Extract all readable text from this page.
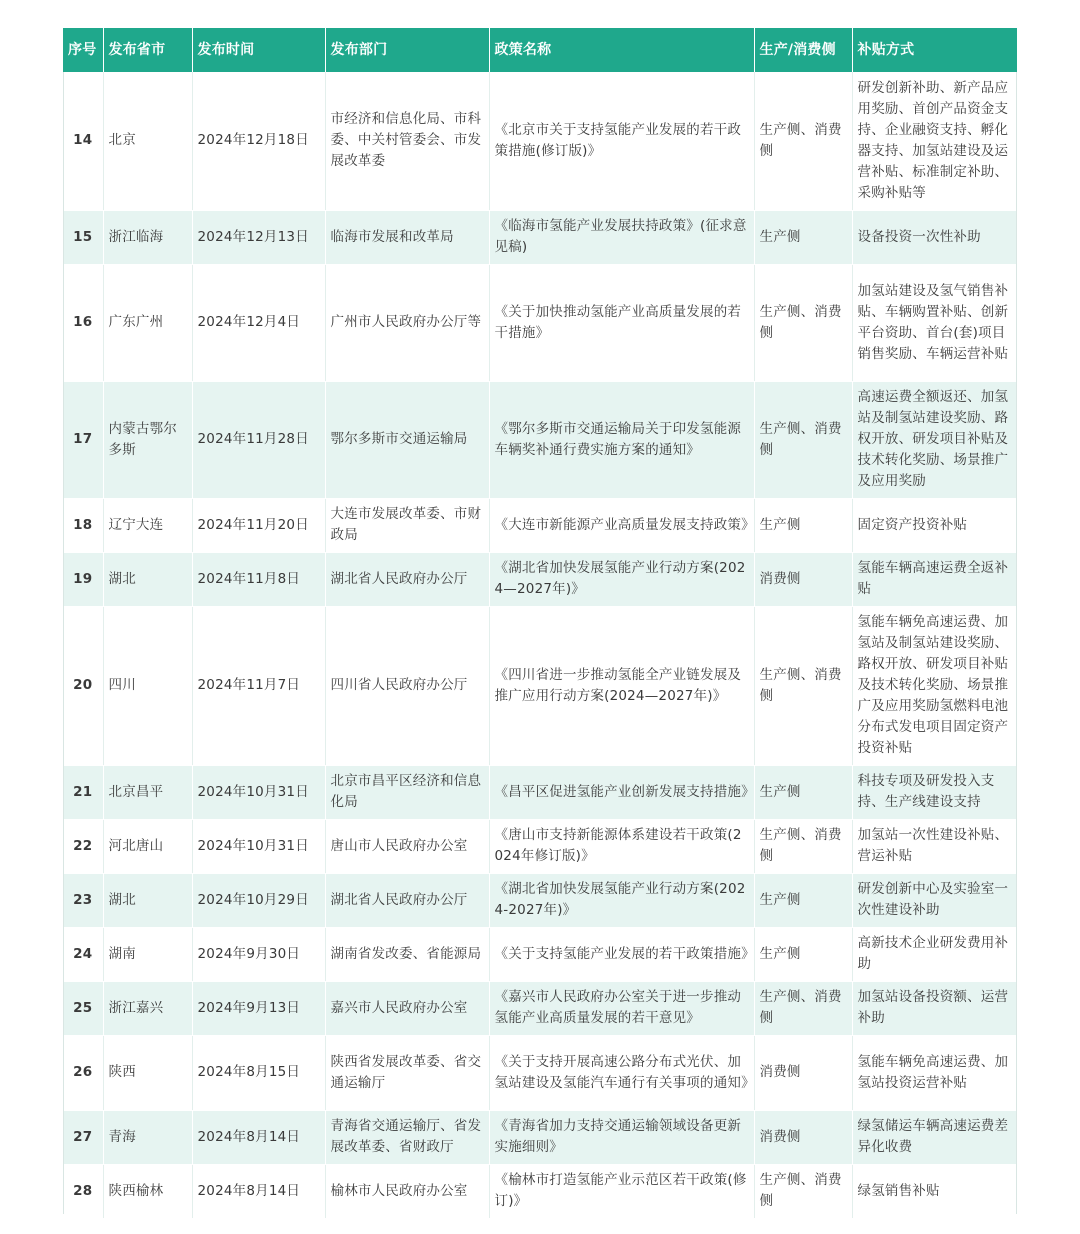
序号	发布省市	发布时间	发布部门	政策名称	生产/消费侧	补贴方式
14	北京	2024年12月18日	市经济和信息化局、市科委、中关村管委会、市发展改革委	《北京市关于支持氢能产业发展的若干政策措施(修订版)》	生产侧、消费侧	研发创新补助、新产品应用奖励、首创产品资金支持、企业融资支持、孵化器支持、加氢站建设及运营补贴、标准制定补助、采购补贴等
15	浙江临海	2024年12月13日	临海市发展和改革局	《临海市氢能产业发展扶持政策》(征求意见稿)	生产侧	设备投资一次性补助
16	广东广州	2024年12月4日	广州市人民政府办公厅等	《关于加快推动氢能产业高质量发展的若干措施》	生产侧、消费侧	加氢站建设及氢气销售补贴、车辆购置补贴、创新平台资助、首台(套)项目销售奖励、车辆运营补贴
17	内蒙古鄂尔多斯	2024年11月28日	鄂尔多斯市交通运输局	《鄂尔多斯市交通运输局关于印发氢能源车辆奖补通行费实施方案的通知》	生产侧、消费侧	高速运费全额返还、加氢站及制氢站建设奖励、路权开放、研发项目补贴及技术转化奖励、场景推广及应用奖励
18	辽宁大连	2024年11月20日	大连市发展改革委、市财政局	《大连市新能源产业高质量发展支持政策》	生产侧	固定资产投资补贴
19	湖北	2024年11月8日	湖北省人民政府办公厅	《湖北省加快发展氢能产业行动方案(2024—2027年)》	消费侧	氢能车辆高速运费全返补贴
20	四川	2024年11月7日	四川省人民政府办公厅	《四川省进一步推动氢能全产业链发展及推广应用行动方案(2024—2027年)》	生产侧、消费侧	氢能车辆免高速运费、加氢站及制氢站建设奖励、路权开放、研发项目补贴及技术转化奖励、场景推广及应用奖励氢燃料电池分布式发电项目固定资产投资补贴
21	北京昌平	2024年10月31日	北京市昌平区经济和信息化局	《昌平区促进氢能产业创新发展支持措施》	生产侧	科技专项及研发投入支持、生产线建设支持
22	河北唐山	2024年10月31日	唐山市人民政府办公室	《唐山市支持新能源体系建设若干政策(2024年修订版)》	生产侧、消费侧	加氢站一次性建设补贴、营运补贴
23	湖北	2024年10月29日	湖北省人民政府办公厅	《湖北省加快发展氢能产业行动方案(2024-2027年)》	生产侧	研发创新中心及实验室一次性建设补助
24	湖南	2024年9月30日	湖南省发改委、省能源局	《关于支持氢能产业发展的若干政策措施》	生产侧	高新技术企业研发费用补助
25	浙江嘉兴	2024年9月13日	嘉兴市人民政府办公室	《嘉兴市人民政府办公室关于进一步推动氢能产业高质量发展的若干意见》	生产侧、消费侧	加氢站设备投资额、运营补助
26	陕西	2024年8月15日	陕西省发展改革委、省交通运输厅	《关于支持开展高速公路分布式光伏、加氢站建设及氢能汽车通行有关事项的通知》	消费侧	氢能车辆免高速运费、加氢站投资运营补贴
27	青海	2024年8月14日	青海省交通运输厅、省发展改革委、省财政厅	《青海省加力支持交通运输领域设备更新实施细则》	消费侧	绿氢储运车辆高速运费差异化收费
28	陕西榆林	2024年8月14日	榆林市人民政府办公室	《榆林市打造氢能产业示范区若干政策(修订)》	生产侧、消费侧	绿氢销售补贴
